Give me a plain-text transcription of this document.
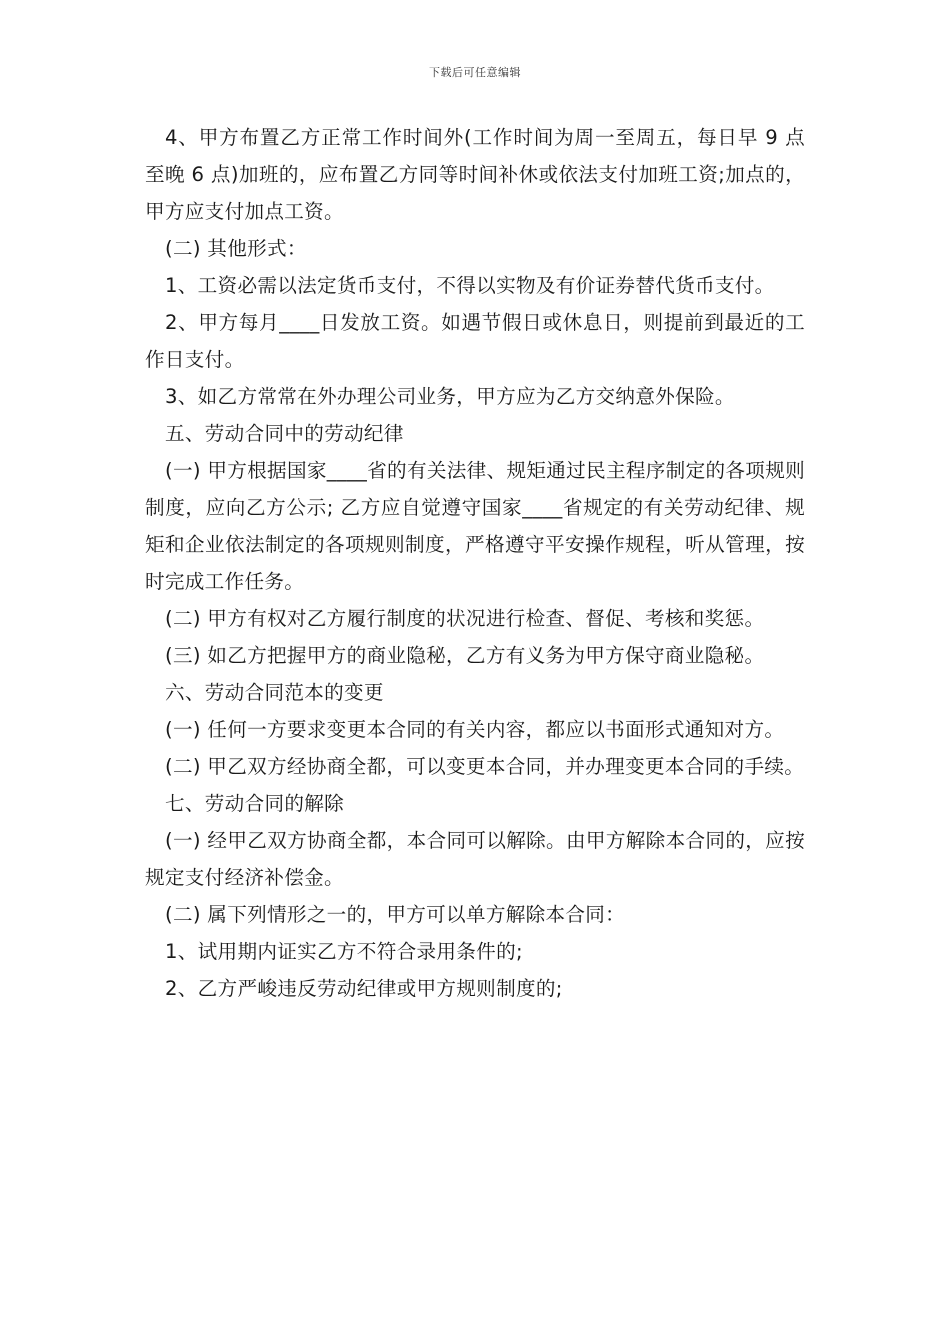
下载后可任意编辑

4、甲方布置乙方正常工作时间外(工作时间为周一至周五，每日早 9 点至晚 6 点)加班的，应布置乙方同等时间补休或依法支付加班工资;加点的，甲方应支付加点工资。

(二) 其他形式：

1、工资必需以法定货币支付，不得以实物及有价证券替代货币支付。

2、甲方每月____日发放工资。如遇节假日或休息日，则提前到最近的工作日支付。

3、如乙方常常在外办理公司业务，甲方应为乙方交纳意外保险。

五、劳动合同中的劳动纪律

(一) 甲方根据国家____省的有关法律、规矩通过民主程序制定的各项规则制度，应向乙方公示; 乙方应自觉遵守国家____省规定的有关劳动纪律、规矩和企业依法制定的各项规则制度，严格遵守平安操作规程，听从管理，按时完成工作任务。

(二) 甲方有权对乙方履行制度的状况进行检查、督促、考核和奖惩。

(三) 如乙方把握甲方的商业隐秘，乙方有义务为甲方保守商业隐秘。

六、劳动合同范本的变更

(一) 任何一方要求变更本合同的有关内容，都应以书面形式通知对方。

(二) 甲乙双方经协商全都，可以变更本合同，并办理变更本合同的手续。

七、劳动合同的解除

(一) 经甲乙双方协商全都，本合同可以解除。由甲方解除本合同的，应按规定支付经济补偿金。

(二) 属下列情形之一的，甲方可以单方解除本合同：

1、试用期内证实乙方不符合录用条件的;

2、乙方严峻违反劳动纪律或甲方规则制度的;
